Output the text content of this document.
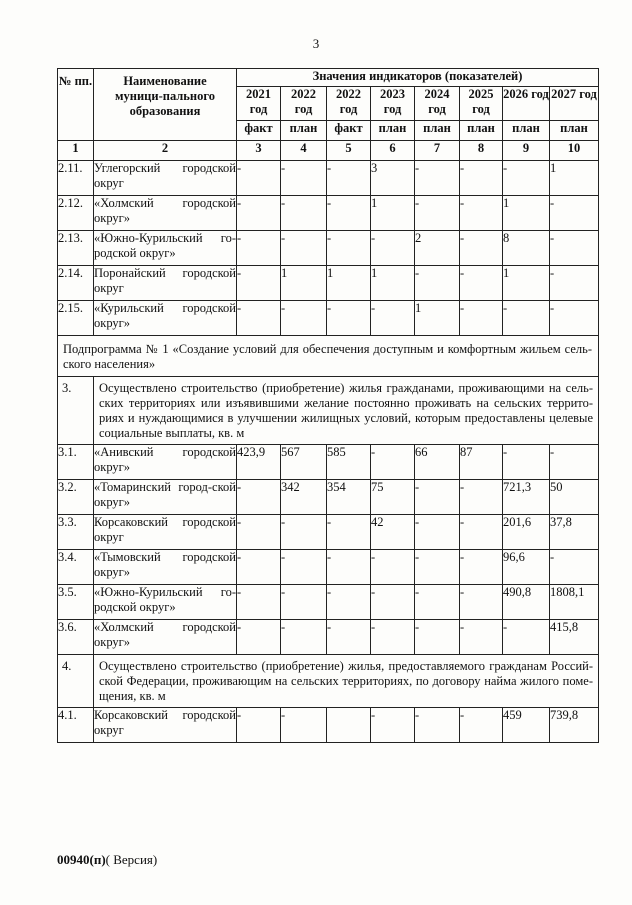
3
№ пп.	Наименование муници-пального образования	Значения индикаторов (показателей)							
		2021 год	2022 год	2022 год	2023 год	2024 год	2025 год	2026 год	2027 год
		факт	план	факт	план	план	план	план	план
1	2	3	4	5	6	7	8	9	10
2.11.	Углегорский городской округ	-	-	-	3	-	-	-	1
2.12.	«Холмский городской округ»	-	-	-	1	-	-	1	-
2.13.	«Южно-Курильский го-родской округ»	-	-	-	-	2	-	8	-
2.14.	Поронайский городской округ	-	1	1	1	-	-	1	-
2.15.	«Курильский городской округ»	-	-	-	-	1	-	-	-
Подпрограмма № 1 «Создание условий для обеспечения доступным и комфортным жильем сель-ского населения»									
3.	Осуществлено строительство (приобретение) жилья гражданами, проживающими на сель-ских территориях или изъявившими желание постоянно проживать на сельских террито-риях и нуждающимися в улучшении жилищных условий, которым предоставлены целевые социальные выплаты, кв. м								
3.1.	«Анивский городской округ»	423,9	567	585	-	66	87	-	-
3.2.	«Томаринский город-ской округ»	-	342	354	75	-	-	721,3	50
3.3.	Корсаковский городской округ	-	-	-	42	-	-	201,6	37,8
3.4.	«Тымовский городской округ»	-	-	-	-	-	-	96,6	-
3.5.	«Южно-Курильский го-родской округ»	-	-	-	-	-	-	490,8	1808,1
3.6.	«Холмский городской округ»	-	-	-	-	-	-	-	415,8
4.	Осуществлено строительство (приобретение) жилья, предоставляемого гражданам Россий-ской Федерации, проживающим на сельских территориях, по договору найма жилого поме-щения, кв. м								
4.1.	Корсаковский городской округ	-	-		-	-	-	459	739,8
00940(п)( Версия)
